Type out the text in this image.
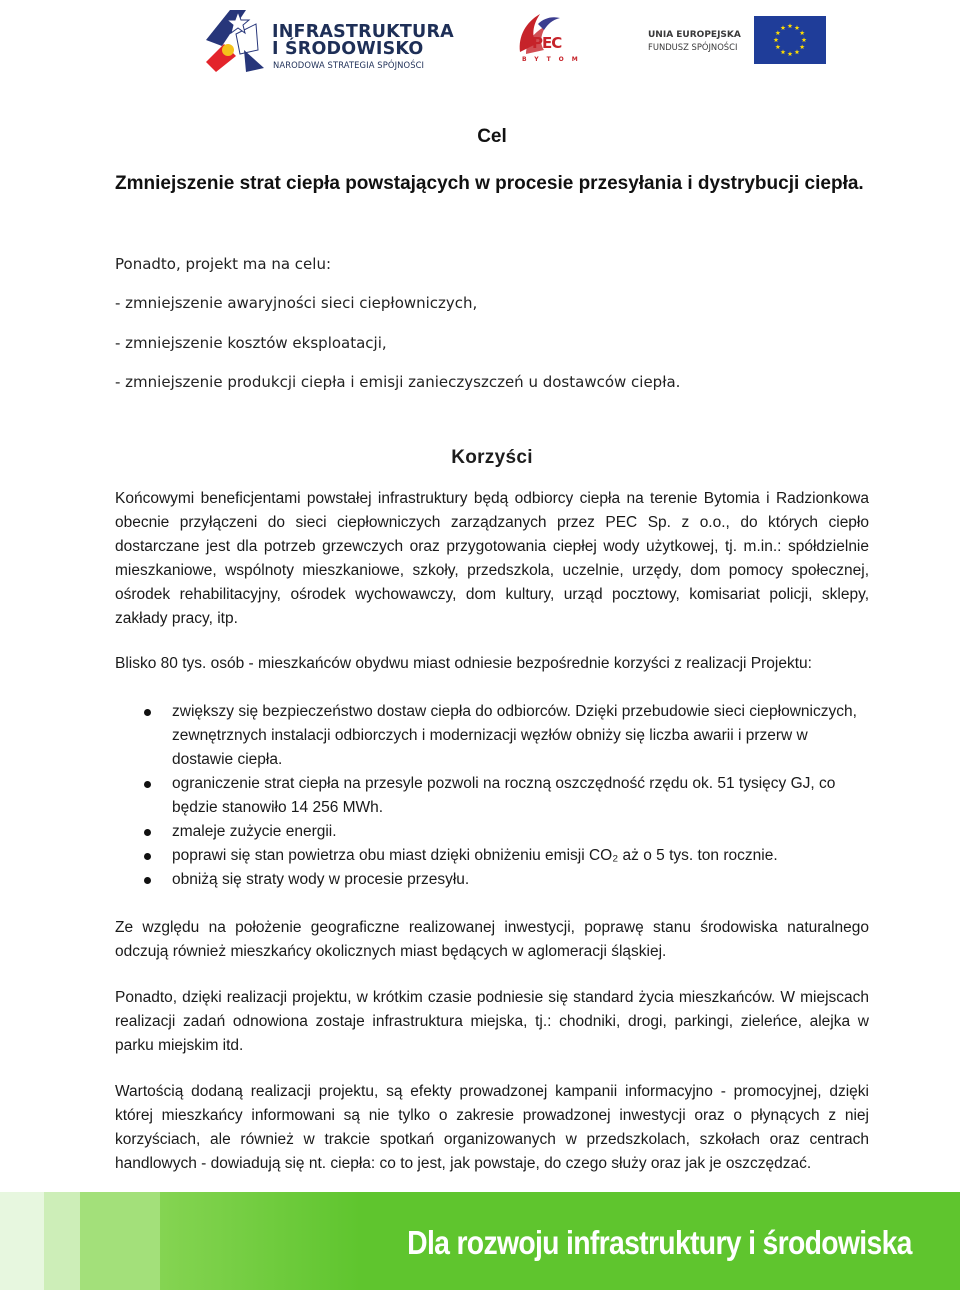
INFRASTRUKTURA
I ŚRODOWISKO
NARODOWA STRATEGIA SPÓJNOŚCI
PEC
BYTOM
UNIA EUROPEJSKA
FUNDUSZ SPÓJNOŚCI
Cel
Zmniejszenie strat ciepła powstających w procesie przesyłania i dystrybucji ciepła.
Ponadto, projekt ma na celu:
- zmniejszenie awaryjności sieci ciepłowniczych,
- zmniejszenie kosztów eksploatacji,
- zmniejszenie produkcji ciepła i emisji zanieczyszczeń u dostawców ciepła.
Korzyści

Końcowymi beneficjentami powstałej infrastruktury będą odbiorcy ciepła na terenie Bytomia i Radzionkowa obecnie przyłączeni do sieci ciepłowniczych zarządzanych przez PEC Sp. z o.o., do których ciepło dostarczane jest dla potrzeb grzewczych oraz przygotowania ciepłej wody użytkowej, tj. m.in.: spółdzielnie mieszkaniowe, wspólnoty mieszkaniowe, szkoły, przedszkola, uczelnie, urzędy, dom pomocy społecznej, ośrodek rehabilitacyjny, ośrodek wychowawczy, dom kultury, urząd pocztowy, komisariat policji, sklepy, zakłady pracy, itp.

Blisko 80 tys. osób - mieszkańców obydwu miast odniesie bezpośrednie korzyści z realizacji Projektu:

zwiększy się bezpieczeństwo dostaw ciepła do odbiorców. Dzięki przebudowie sieci ciepłowniczych, zewnętrznych instalacji odbiorczych i modernizacji węzłów obniży się liczba awarii i przerw w dostawie ciepła.
ograniczenie strat ciepła na przesyle pozwoli na roczną oszczędność rzędu ok. 51 tysięcy GJ, co będzie stanowiło 14 256 MWh.
zmaleje zużycie energii.
poprawi się stan powietrza obu miast dzięki obniżeniu emisji CO₂ aż o 5 tys. ton rocznie.
obniżą się straty wody w procesie przesyłu.

Ze względu na położenie geograficzne realizowanej inwestycji, poprawę stanu środowiska naturalnego odczują również mieszkańcy okolicznych miast będących w aglomeracji śląskiej.

Ponadto, dzięki realizacji projektu, w krótkim czasie podniesie się standard życia mieszkańców. W miejscach realizacji zadań odnowiona zostaje infrastruktura miejska, tj.: chodniki, drogi, parkingi, zieleńce, alejka w parku miejskim itd.

Wartością dodaną realizacji projektu, są efekty prowadzonej kampanii informacyjno - promocyjnej, dzięki której mieszkańcy informowani są nie tylko o zakresie prowadzonej inwestycji oraz o płynących z niej korzyściach, ale również w trakcie spotkań organizowanych w przedszkolach, szkołach oraz centrach handlowych - dowiadują się nt. ciepła: co to jest, jak powstaje, do czego służy oraz jak je oszczędzać.

Dla rozwoju infrastruktury i środowiska
